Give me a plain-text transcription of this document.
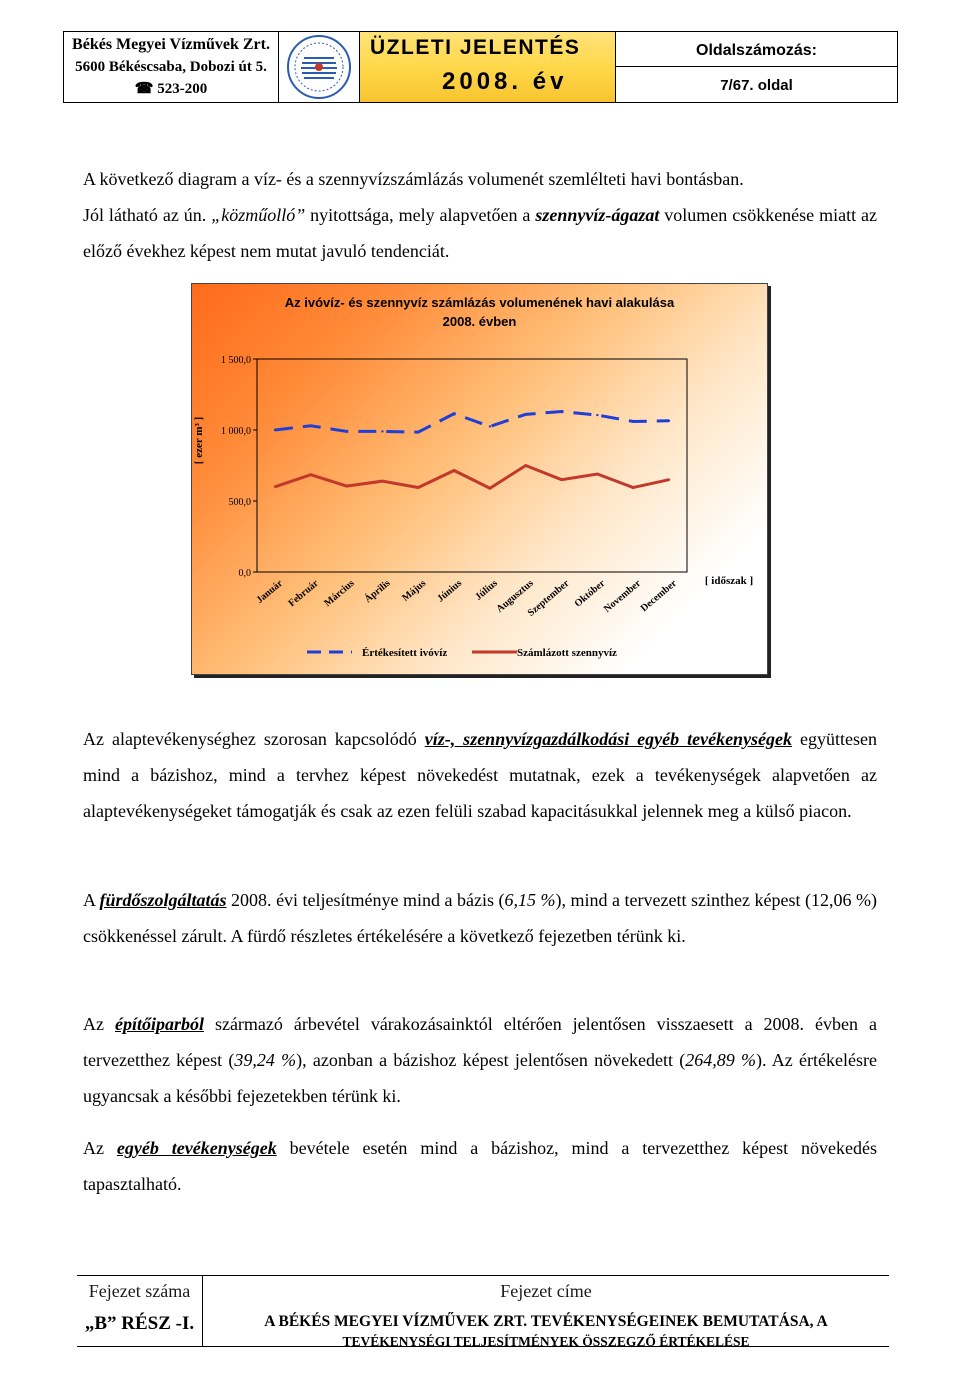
Békés Megyei Vízművek Zrt.
5600 Békéscsaba, Dobozi út 5.
☎ 523-200
ÜZLETI JELENTÉS
2008. év
Oldalszámozás:
7/67. oldal

A következő diagram a víz- és a szennyvízszámlázás volumenét szemlélteti havi bontásban.

Jól látható az ún. „közműolló” nyitottsága, mely alapvetően a szennyvíz-ágazat volumen csökkenése miatt az előző évekhez képest nem mutat javuló tendenciát.

Az ivóvíz- és szennyvíz számlázás volumenének havi alakulása
2008. évben
0,0
500,0
1 000,0
1 500,0
[ ezer m³ ]
Január Február Március Április Május Június Július
Augusztus
Szeptember Október
November
December [ időszak ]
Értékesített ivóvíz	Számlázott szennyvíz

Az alaptevékenységhez szorosan kapcsolódó víz-, szennyvízgazdálkodási egyéb tevékenységek együttesen mind a bázishoz, mind a tervhez képest növekedést mutatnak, ezek a tevékenységek alapvetően az alaptevékenységeket támogatják és csak az ezen felüli szabad kapacitásukkal jelennek meg a külső piacon.

A fürdőszolgáltatás 2008. évi teljesítménye mind a bázis (6,15 %), mind a tervezett szinthez képest (12,06 %) csökkenéssel zárult. A fürdő részletes értékelésére a következő fejezetben térünk ki.

Az építőiparból származó árbevétel várakozásainktól eltérően jelentősen visszaesett a 2008. évben a tervezetthez képest (39,24 %), azonban a bázishoz képest jelentősen növekedett (264,89 %). Az értékelésre ugyancsak a későbbi fejezetekben térünk ki.

Az egyéb tevékenységek bevétele esetén mind a bázishoz, mind a tervezetthez képest növekedés tapasztalható.

Fejezet száma
„B” RÉSZ -I.
Fejezet címe
A BÉKÉS MEGYEI VÍZMŰVEK ZRT. TEVÉKENYSÉGEINEK BEMUTATÁSA, A
TEVÉKENYSÉGI TELJESÍTMÉNYEK ÖSSZEGZŐ ÉRTÉKELÉSE
